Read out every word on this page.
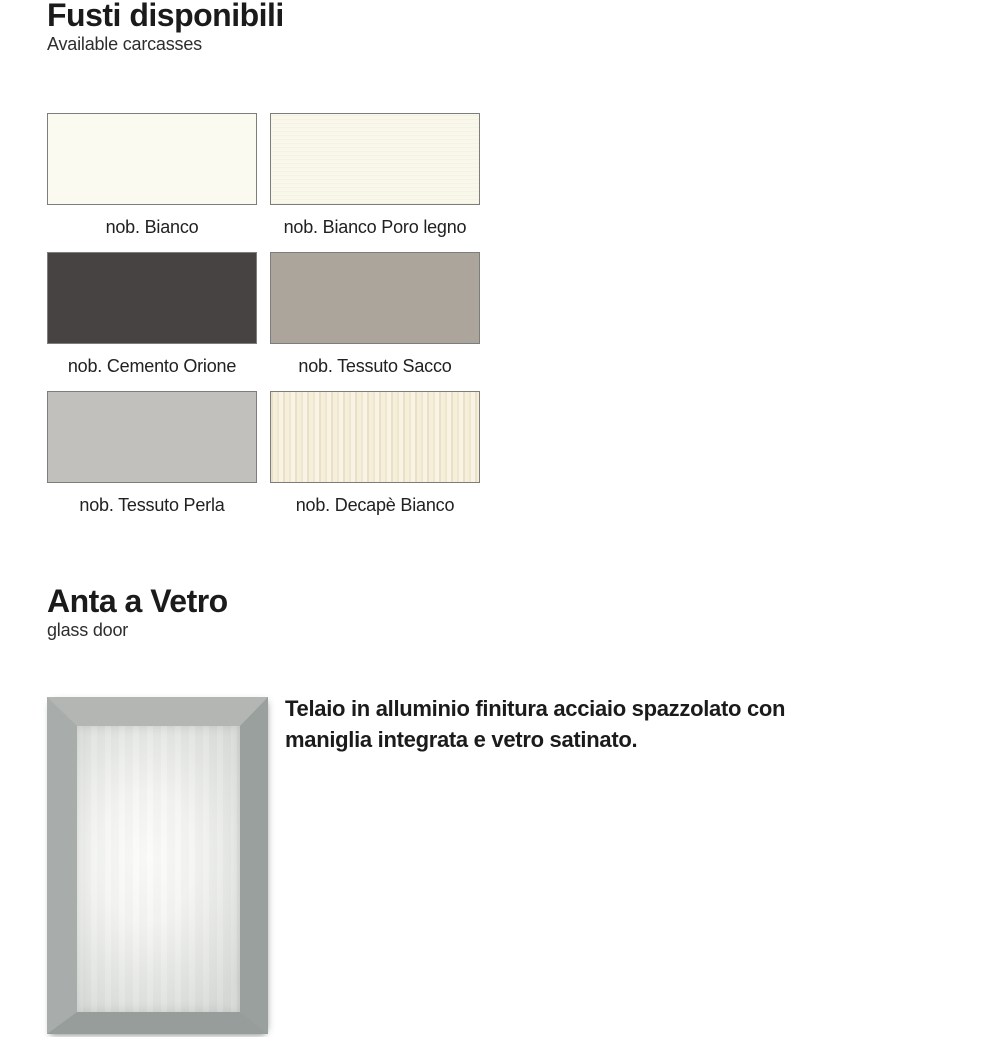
Fusti disponibili
Available carcasses
nob. Bianco	nob. Bianco Poro legno
nob. Cemento Orione	nob. Tessuto Sacco
nob. Tessuto Perla	nob. Decapè Bianco
Anta a Vetro
glass door
Telaio in alluminio finitura acciaio spazzolato con
maniglia integrata e vetro satinato.
